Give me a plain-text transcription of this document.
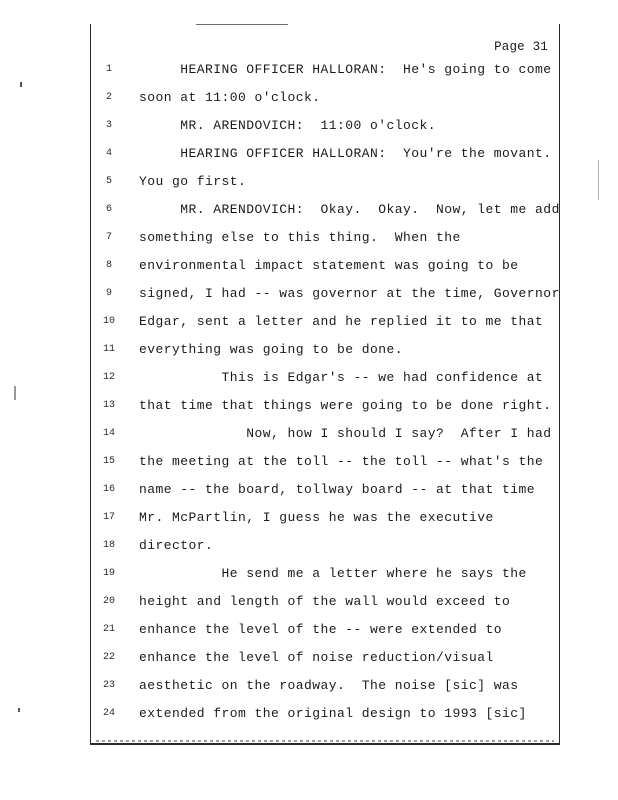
Page 31
1	HEARING OFFICER HALLORAN:  He's going to come
2	soon at 11:00 o'clock.
3	MR. ARENDOVICH:  11:00 o'clock.
4	HEARING OFFICER HALLORAN:  You're the movant.
5	You go first.
6	MR. ARENDOVICH:  Okay.  Okay.  Now, let me add
7	something else to this thing.  When the
8	environmental impact statement was going to be
9	signed, I had -- was governor at the time, Governor
10	Edgar, sent a letter and he replied it to me that
11	everything was going to be done.
12	This is Edgar's -- we had confidence at
13	that time that things were going to be done right.
14	Now, how I should I say?  After I had
15	the meeting at the toll -- the toll -- what's the
16	name -- the board, tollway board -- at that time
17	Mr. McPartlin, I guess he was the executive
18	director.
19	He send me a letter where he says the
20	height and length of the wall would exceed to
21	enhance the level of the -- were extended to
22	enhance the level of noise reduction/visual
23	aesthetic on the roadway.  The noise [sic] was
24	extended from the original design to 1993 [sic]
